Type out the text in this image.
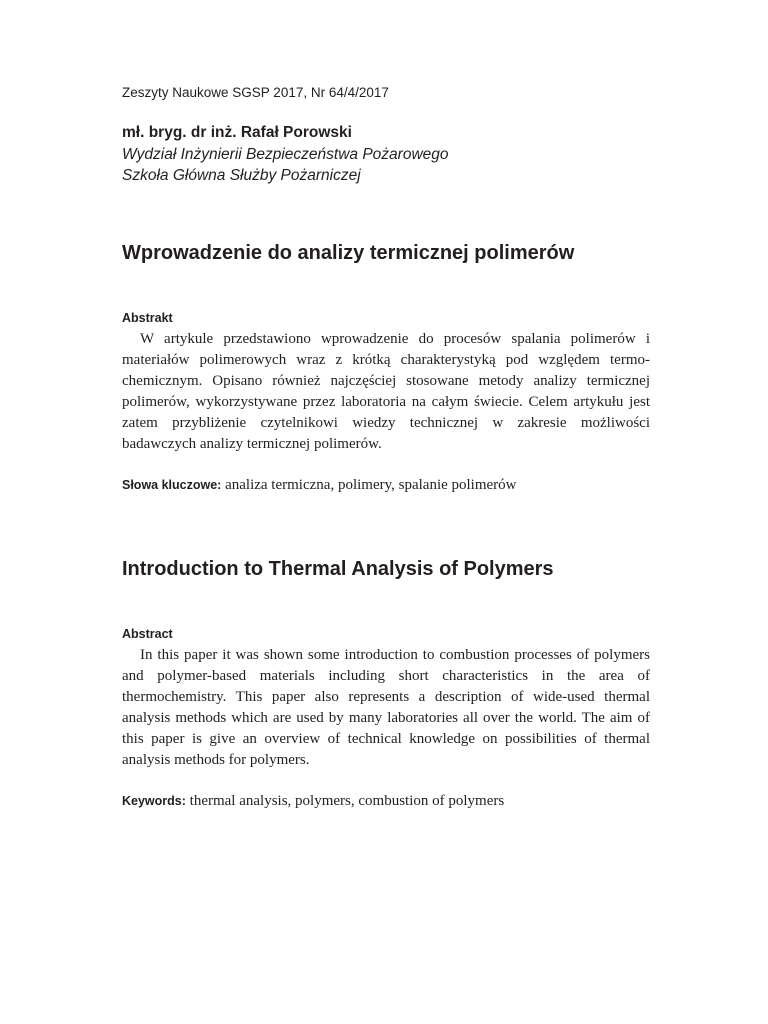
Zeszyty Naukowe SGSP 2017, Nr 64/4/2017
mł. bryg. dr inż. Rafał Porowski
Wydział Inżynierii Bezpieczeństwa Pożarowego
Szkoła Główna Służby Pożarniczej
Wprowadzenie do analizy termicznej polimerów
Abstrakt

W artykule przedstawiono wprowadzenie do procesów spalania polimerów i materiałów polimerowych wraz z krótką charakterystyką pod względem termochemicznym. Opisano również najczęściej stosowane metody analizy termicznej polimerów, wykorzystywane przez laboratoria na całym świecie. Celem artykułu jest zatem przybliżenie czytelnikowi wiedzy technicznej w zakresie możliwości badawczych analizy termicznej polimerów.

Słowa kluczowe: analiza termiczna, polimery, spalanie polimerów
Introduction to Thermal Analysis of Polymers
Abstract

In this paper it was shown some introduction to combustion processes of polymers and polymer-based materials including short characteristics in the area of thermochemistry. This paper also represents a description of wide-used thermal analysis methods which are used by many laboratories all over the world. The aim of this paper is give an overview of technical knowledge on possibilities of thermal analysis methods for polymers.

Keywords: thermal analysis, polymers, combustion of polymers
